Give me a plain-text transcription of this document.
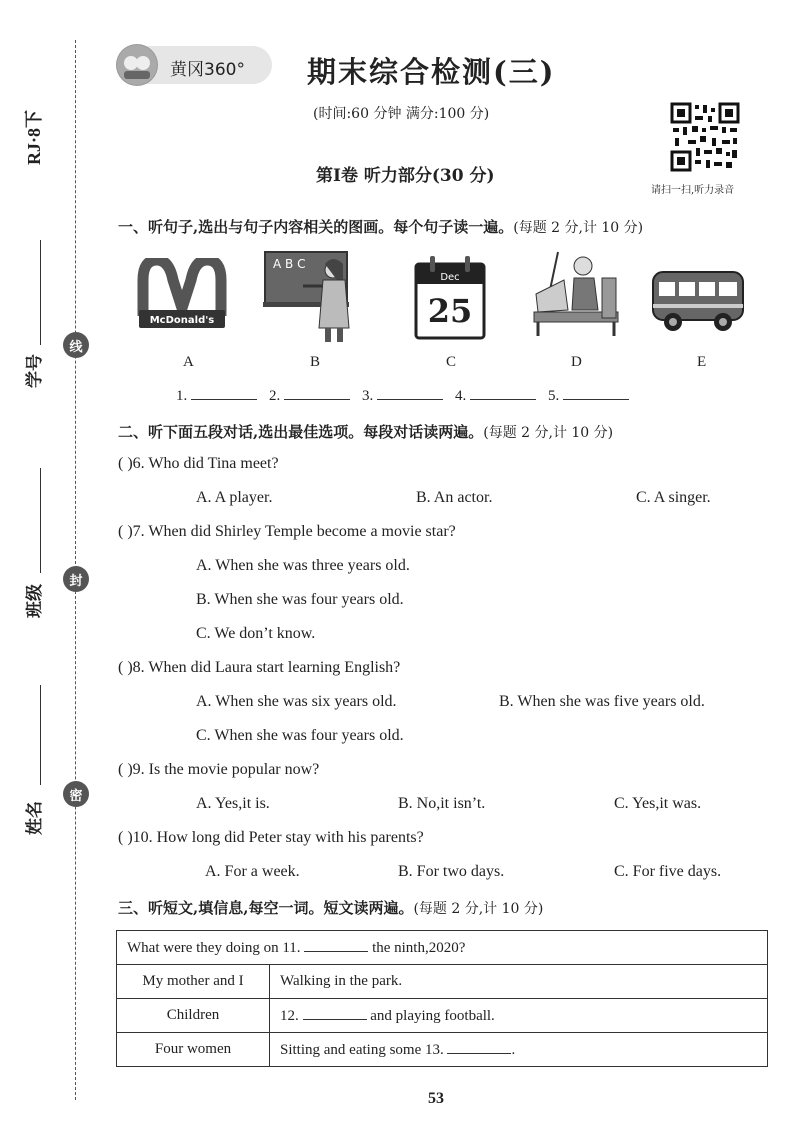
RJ·8下
学号
班级
姓名
线
封
密
黄冈360° 期末综合检测(三)
(时间:60 分钟 满分:100 分)
请扫一扫,听力录音
第Ⅰ卷 听力部分(30 分)
一、听句子,选出与句子内容相关的图画。每个句子读一遍。(每题 2 分,计 10 分)
McDonald's
A B C
Dec
25
A	B	C	D	E
1.	2.	3.	4.	5.
二、听下面五段对话,选出最佳选项。每段对话读两遍。(每题 2 分,计 10 分)
( )6. Who did Tina meet?
A. A player.	B. An actor.	C. A singer.
( )7. When did Shirley Temple become a movie star?
A. When she was three years old.
B. When she was four years old.
C. We don’t know.
( )8. When did Laura start learning English?
A. When she was six years old.	B. When she was five years old.
C. When she was four years old.
( )9. Is the movie popular now?
A. Yes,it is.	B. No,it isn’t.	C. Yes,it was.
( )10. How long did Peter stay with his parents?
A. For a week.	B. For two days.	C. For five days.
三、听短文,填信息,每空一词。短文读两遍。(每题 2 分,计 10 分)
What were they doing on 11. the ninth,2020?	
My mother and I	Walking in the park.
Children	12. and playing football.
Four women	Sitting and eating some 13. .
53
